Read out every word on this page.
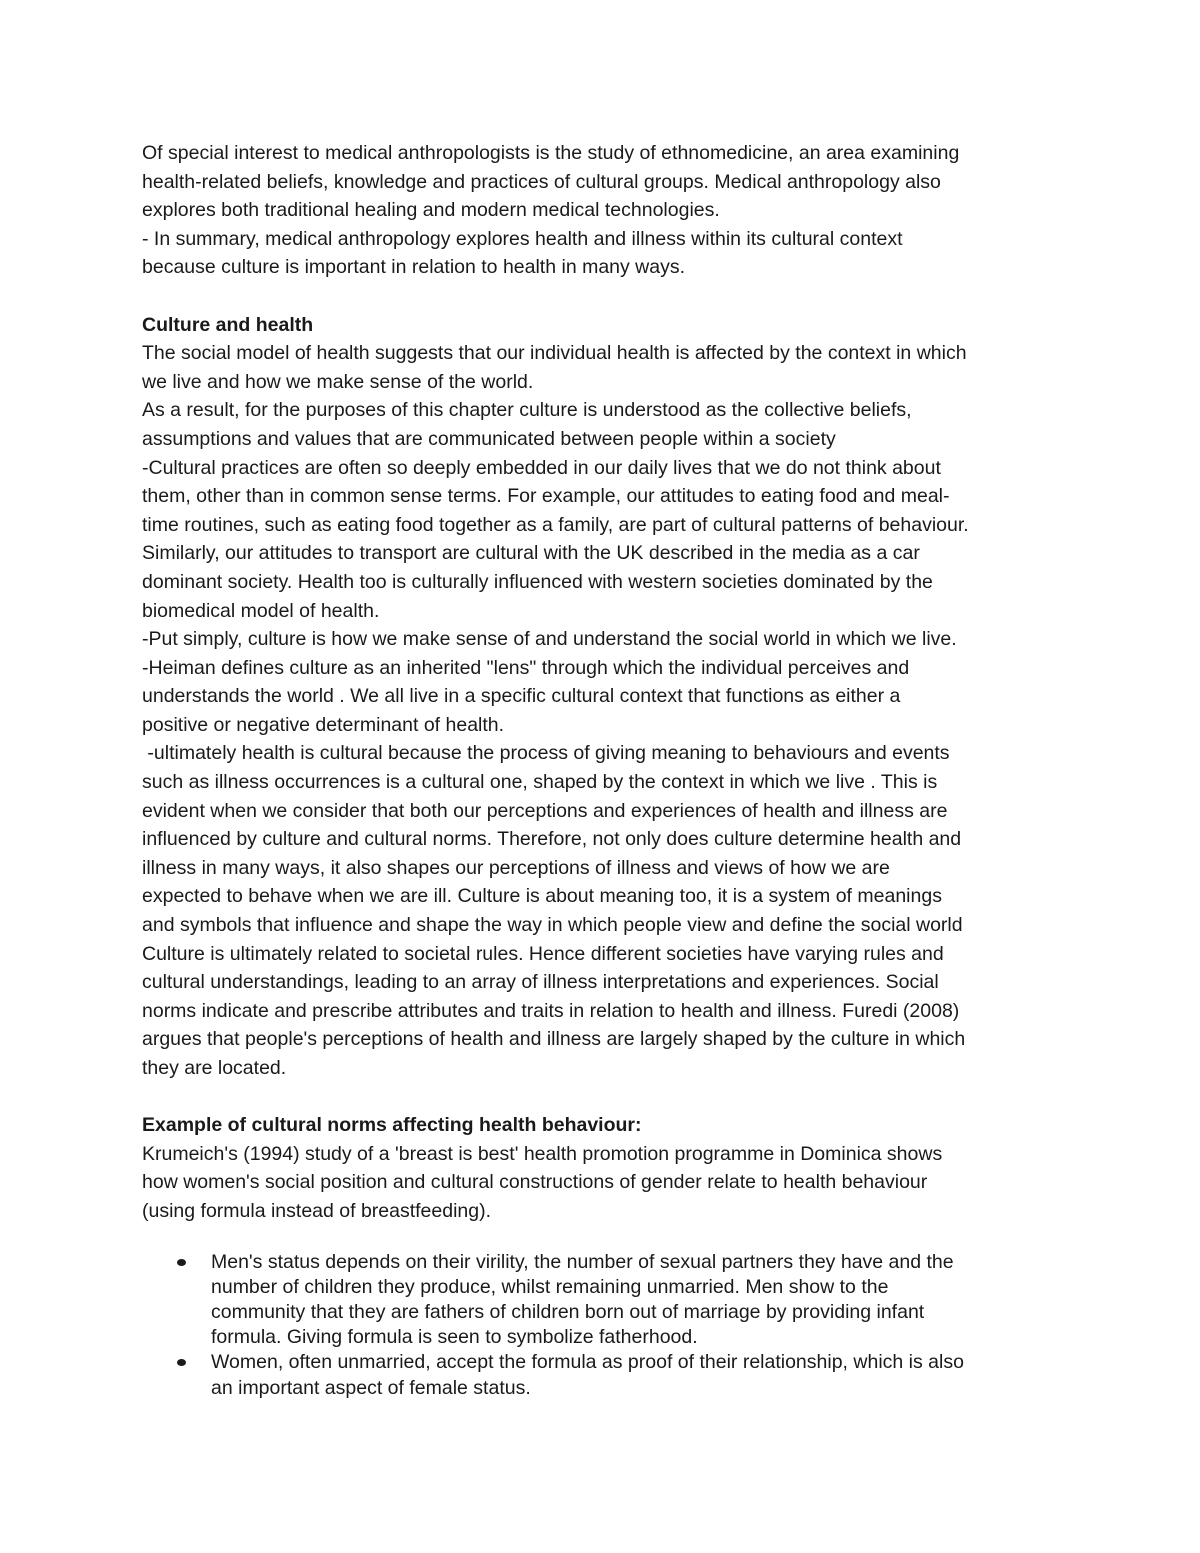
Of special interest to medical anthropologists is the study of ethnomedicine, an area examining
health-related beliefs, knowledge and practices of cultural groups. Medical anthropology also
explores both traditional healing and modern medical technologies.
- In summary, medical anthropology explores health and illness within its cultural context
because culture is important in relation to health in many ways.
Culture and health
The social model of health suggests that our individual health is affected by the context in which
we live and how we make sense of the world.
As a result, for the purposes of this chapter culture is understood as the collective beliefs,
assumptions and values that are communicated between people within a society
-Cultural practices are often so deeply embedded in our daily lives that we do not think about
them, other than in common sense terms. For example, our attitudes to eating food and meal-
time routines, such as eating food together as a family, are part of cultural patterns of behaviour.
Similarly, our attitudes to transport are cultural with the UK described in the media as a car
dominant society. Health too is culturally influenced with western societies dominated by the
biomedical model of health.
-Put simply, culture is how we make sense of and understand the social world in which we live.
-Heiman defines culture as an inherited "lens" through which the individual perceives and
understands the world . We all live in a specific cultural context that functions as either a
positive or negative determinant of health.
-ultimately health is cultural because the process of giving meaning to behaviours and events
such as illness occurrences is a cultural one, shaped by the context in which we live . This is
evident when we consider that both our perceptions and experiences of health and illness are
influenced by culture and cultural norms. Therefore, not only does culture determine health and
illness in many ways, it also shapes our perceptions of illness and views of how we are
expected to behave when we are ill. Culture is about meaning too, it is a system of meanings
and symbols that influence and shape the way in which people view and define the social world
Culture is ultimately related to societal rules. Hence different societies have varying rules and
cultural understandings, leading to an array of illness interpretations and experiences. Social
norms indicate and prescribe attributes and traits in relation to health and illness. Furedi (2008)
argues that people's perceptions of health and illness are largely shaped by the culture in which
they are located.
Example of cultural norms affecting health behaviour:
Krumeich's (1994) study of a 'breast is best' health promotion programme in Dominica shows
how women's social position and cultural constructions of gender relate to health behaviour
(using formula instead of breastfeeding).
Men's status depends on their virility, the number of sexual partners they have and the
number of children they produce, whilst remaining unmarried. Men show to the
community that they are fathers of children born out of marriage by providing infant
formula. Giving formula is seen to symbolize fatherhood.
Women, often unmarried, accept the formula as proof of their relationship, which is also
an important aspect of female status.
